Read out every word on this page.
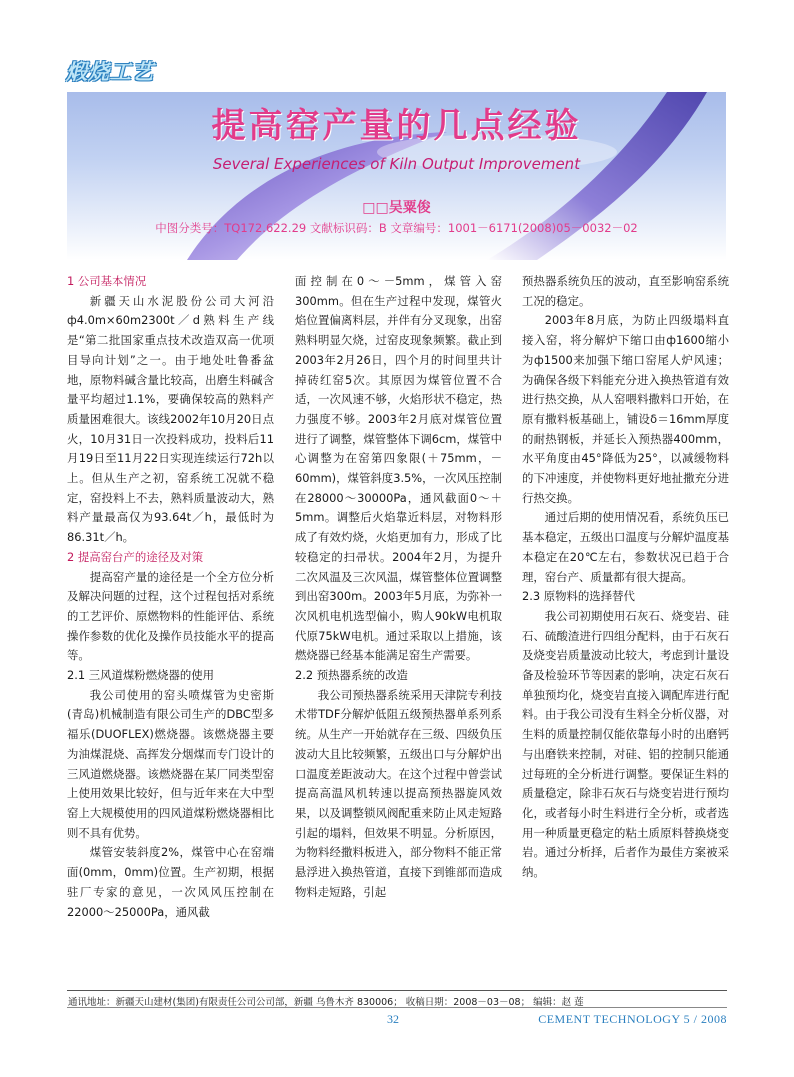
煅烧工艺
提高窑产量的几点经验
Several Experiences of Kiln Output Improvement
□□吴粟俊
中图分类号：TQ172.622.29 文献标识码：B 文章编号：1001－6171(2008)05－0032－02

1 公司基本情况

新疆天山水泥股份公司大河沿ф4.0m×60m2300t／d熟料生产线是“第二批国家重点技术改造双高一优项目导向计划”之一。由于地处吐鲁番盆地，原物料碱含量比较高，出磨生料碱含量平均超过1.1%，要确保较高的熟料产质量困难很大。该线2002年10月20日点火，10月31日一次投料成功，投料后11月19日至11月22日实现连续运行72h以上。但从生产之初，窑系统工况就不稳定，窑投料上不去，熟料质量波动大，熟料产量最高仅为93.64t／h，最低时为86.31t／h。

2 提高窑台产的途径及对策

提高窑产量的途径是一个全方位分析及解决问题的过程，这个过程包括对系统的工艺评价、原燃物料的性能评估、系统操作参数的优化及操作员技能水平的提高等。

2.1 三风道煤粉燃烧器的使用

我公司使用的窑头喷煤管为史密斯(青岛)机械制造有限公司生产的DBC型多福乐(DUOFLEX)燃烧器。该燃烧器主要为油煤混烧、高挥发分烟煤而专门设计的三风道燃烧器。该燃烧器在某厂同类型窑上使用效果比较好，但与近年来在大中型窑上大规模使用的四风道煤粉燃烧器相比则不具有优势。

煤管安装斜度2%，煤管中心在窑端面(0mm，0mm)位置。生产初期，根据驻厂专家的意见，一次风风压控制在22000～25000Pa，通风截

面控制在0～－5mm，煤管入窑300mm。但在生产过程中发现，煤管火焰位置偏离料层，并伴有分叉现象，出窑熟料明显欠烧，过窑皮现象频繁。截止到2003年2月26日，四个月的时间里共计掉砖红窑5次。其原因为煤管位置不合适，一次风速不够，火焰形状不稳定，热力强度不够。2003年2月底对煤管位置进行了调整，煤管整体下调6cm，煤管中心调整为在窑第四象限(＋75mm，－60mm)，煤管斜度3.5%，一次风压控制在28000～30000Pa，通风截面0～＋5mm。调整后火焰靠近料层，对物料形成了有效灼烧，火焰更加有力，形成了比较稳定的扫帚状。2004年2月，为提升二次风温及三次风温，煤管整体位置调整到出窑300m。2003年5月底，为弥补一次风机电机选型偏小，购人90kW电机取代原75kW电机。通过采取以上措施，该燃烧器已经基本能满足窑生产需要。

2.2 预热器系统的改造

我公司预热器系统采用天津院专利技术带TDF分解炉低阻五级预热器单系列系统。从生产一开始就存在三级、四级负压波动大且比较频繁，五级出口与分解炉出口温度差距波动大。在这个过程中曾尝试提高高温风机转速以提高预热器旋风效果，以及调整锁风阀配重来防止风走短路引起的塌料，但效果不明显。分析原因，为物料经撒料板进入，部分物料不能正常悬浮进入换热管道，直接下到锥部而造成物料走短路，引起

预热器系统负压的波动，直至影响窑系统工况的稳定。

2003年8月底，为防止四级塌料直接入窑，将分解炉下缩口由ф1600缩小为ф1500来加强下缩口窑尾人炉风速；为确保各级下料能充分进入换热管道有效进行热交换，从人窑喂料撒料口开始，在原有撒料板基础上，铺设δ＝16mm厚度的耐热钢板，并延长入预热器400mm，水平角度由45°降低为25°，以减缓物料的下冲速度，并使物料更好地扯撒充分进行热交换。

通过后期的使用情况看，系统负压已基本稳定，五级出口温度与分解炉温度基本稳定在20℃左右，参数状况已趋于合理，窑台产、质量都有很大提高。

2.3 原物料的选择替代

我公司初期使用石灰石、烧变岩、硅石、硫酸渣进行四组分配料，由于石灰石及烧变岩质量波动比较大，考虑到计量设备及检验环节等因素的影响，决定石灰石单独预均化，烧变岩直接入调配库进行配料。由于我公司没有生料全分析仪器，对生料的质量控制仅能依靠每小时的出磨钙与出磨铁来控制，对硅、铝的控制只能通过每班的全分析进行调整。要保证生料的质量稳定，除非石灰石与烧变岩进行预均化，或者每小时生料进行全分析，或者选用一种质量更稳定的粘土质原料替换烧变岩。通过分析择，后者作为最佳方案被采纳。

通讯地址：新疆天山建材(集团)有限责任公司公司部，新疆 乌鲁木齐 830006； 收稿日期：2008－03－08； 编辑：赵 莲
32	CEMENT TECHNOLOGY 5 / 2008
